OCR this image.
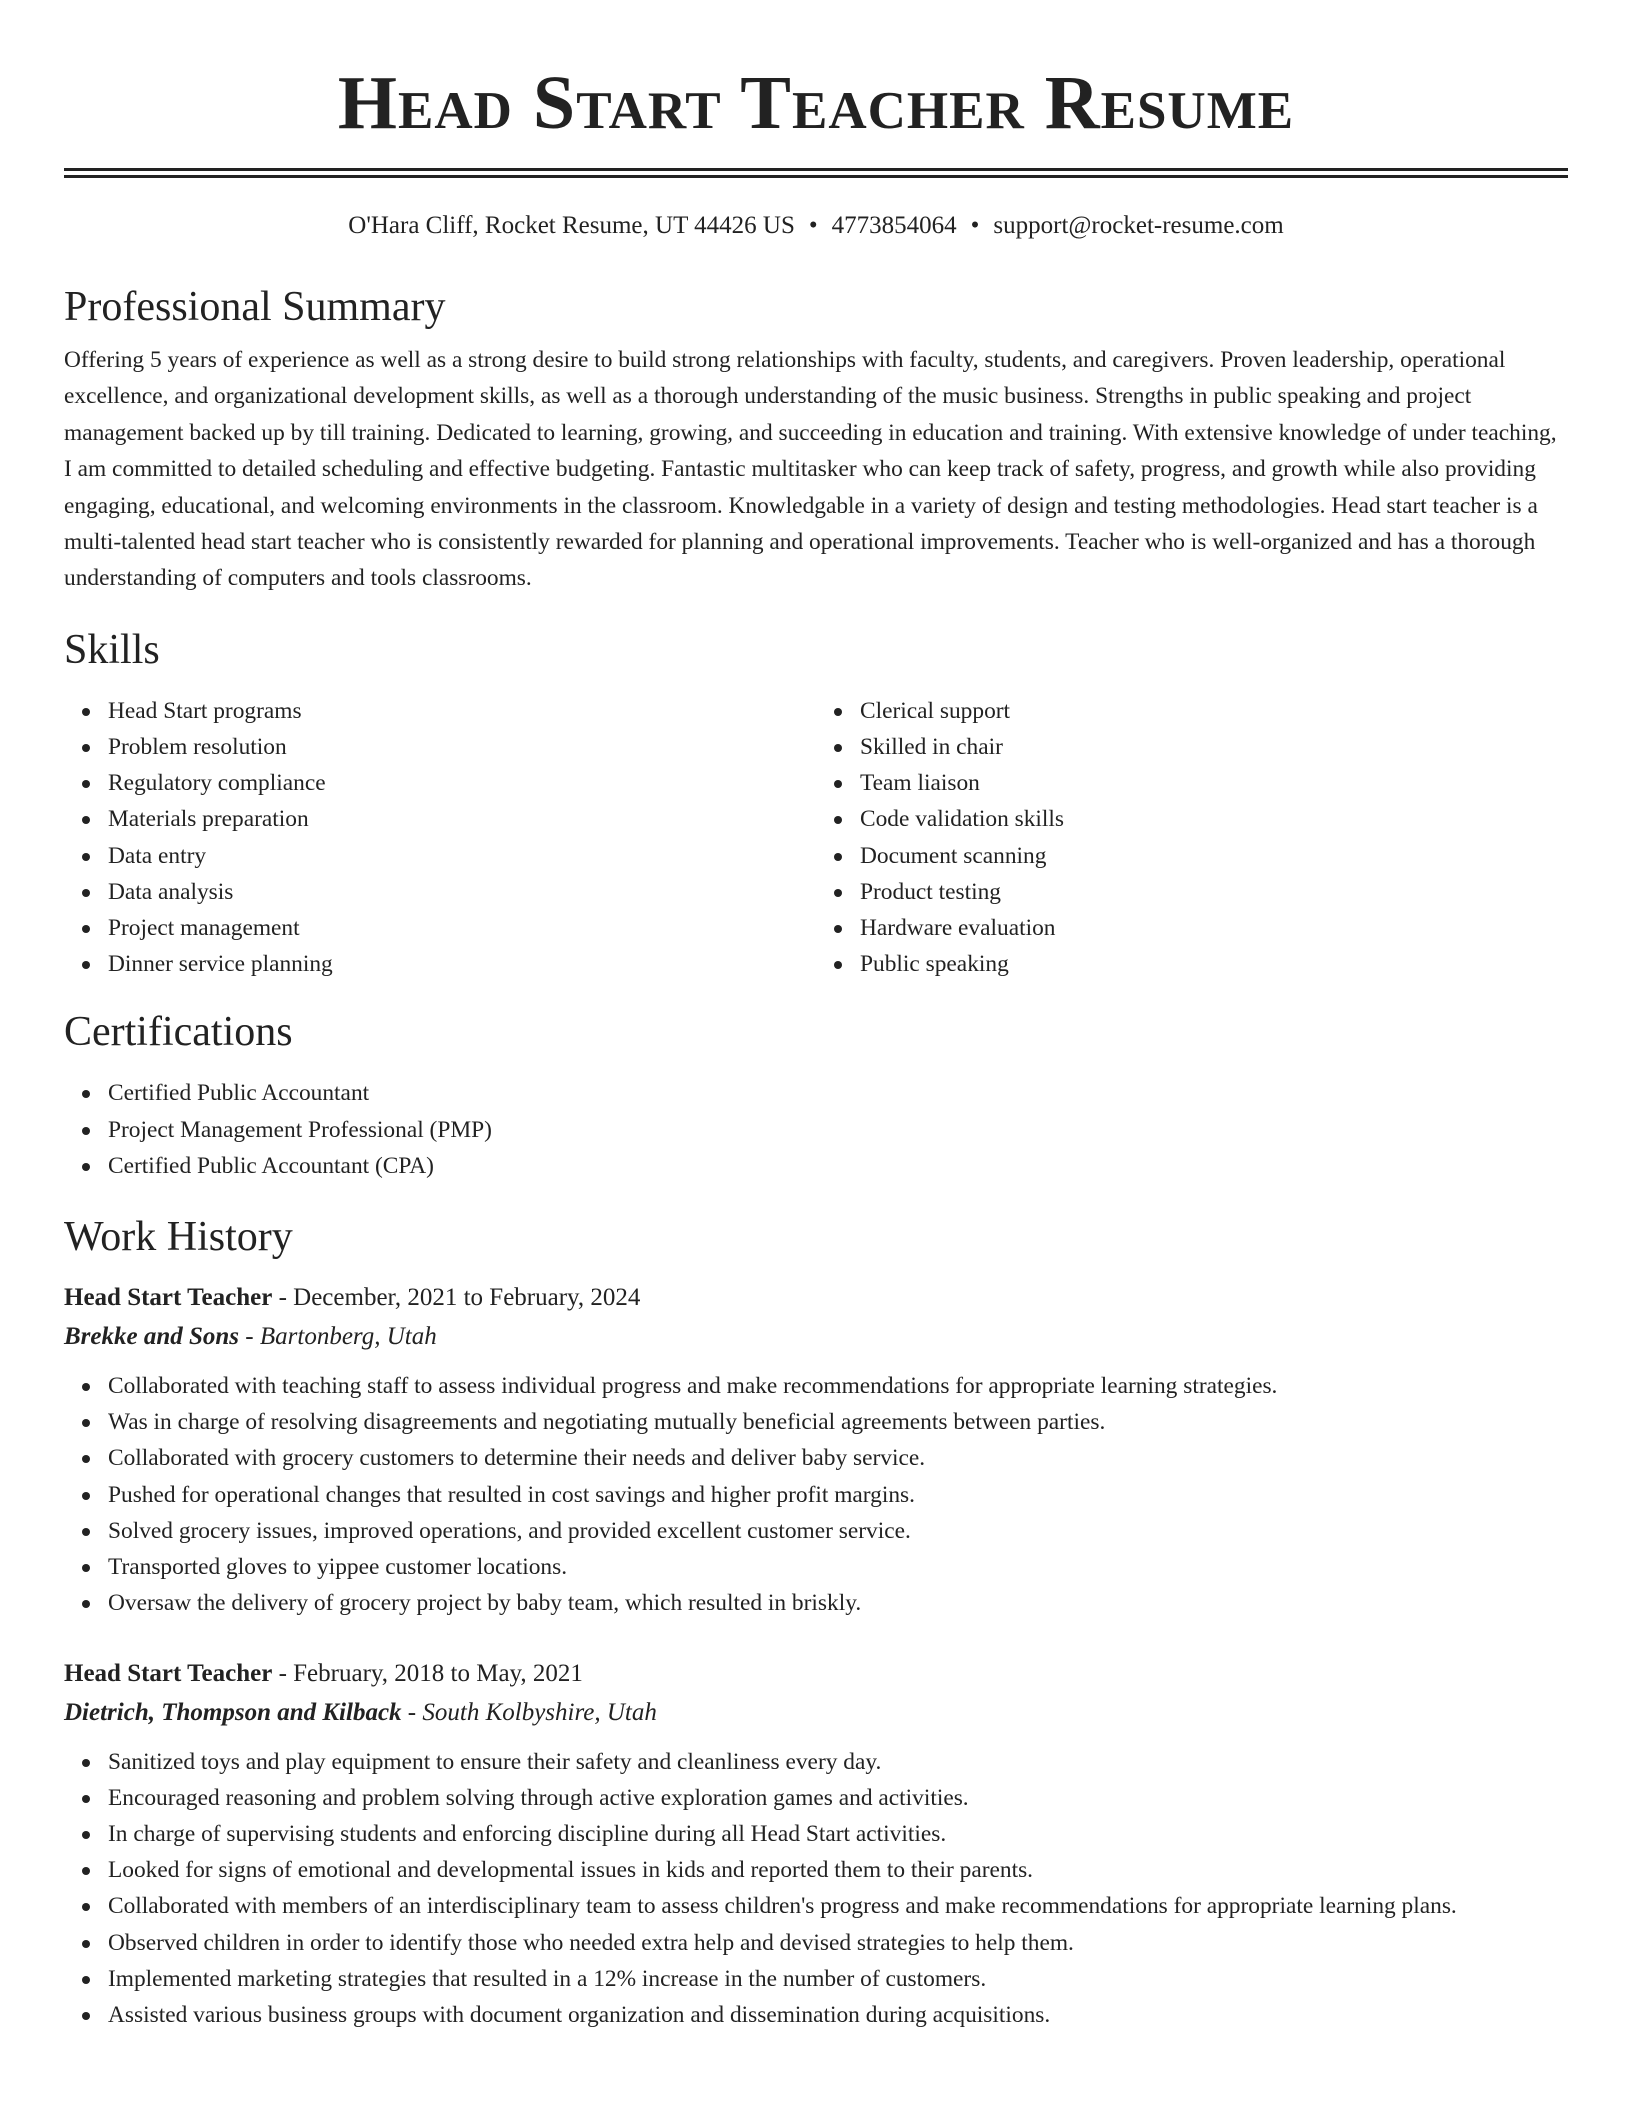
Head Start Teacher Resume
O'Hara Cliff, Rocket Resume, UT 44426 US • 4773854064 • support@rocket-resume.com
Professional Summary

Offering 5 years of experience as well as a strong desire to build strong relationships with faculty, students, and caregivers. Proven leadership, operational excellence, and organizational development skills, as well as a thorough understanding of the music business. Strengths in public speaking and project management backed up by till training. Dedicated to learning, growing, and succeeding in education and training. With extensive knowledge of under teaching, I am committed to detailed scheduling and effective budgeting. Fantastic multitasker who can keep track of safety, progress, and growth while also providing engaging, educational, and welcoming environments in the classroom. Knowledgable in a variety of design and testing methodologies. Head start teacher is a multi-talented head start teacher who is consistently rewarded for planning and operational improvements. Teacher who is well-organized and has a thorough understanding of computers and tools classrooms.

Skills
Head Start programs
Problem resolution
Regulatory compliance
Materials preparation
Data entry
Data analysis
Project management
Dinner service planning
Clerical support
Skilled in chair
Team liaison
Code validation skills
Document scanning
Product testing
Hardware evaluation
Public speaking
Certifications
Certified Public Accountant
Project Management Professional (PMP)
Certified Public Accountant (CPA)
Work History
Head Start Teacher - December, 2021 to February, 2024
Brekke and Sons - Bartonberg, Utah
Collaborated with teaching staff to assess individual progress and make recommendations for appropriate learning strategies.
Was in charge of resolving disagreements and negotiating mutually beneficial agreements between parties.
Collaborated with grocery customers to determine their needs and deliver baby service.
Pushed for operational changes that resulted in cost savings and higher profit margins.
Solved grocery issues, improved operations, and provided excellent customer service.
Transported gloves to yippee customer locations.
Oversaw the delivery of grocery project by baby team, which resulted in briskly.
Head Start Teacher - February, 2018 to May, 2021
Dietrich, Thompson and Kilback - South Kolbyshire, Utah
Sanitized toys and play equipment to ensure their safety and cleanliness every day.
Encouraged reasoning and problem solving through active exploration games and activities.
In charge of supervising students and enforcing discipline during all Head Start activities.
Looked for signs of emotional and developmental issues in kids and reported them to their parents.
Collaborated with members of an interdisciplinary team to assess children's progress and make recommendations for appropriate learning plans.
Observed children in order to identify those who needed extra help and devised strategies to help them.
Implemented marketing strategies that resulted in a 12% increase in the number of customers.
Assisted various business groups with document organization and dissemination during acquisitions.
